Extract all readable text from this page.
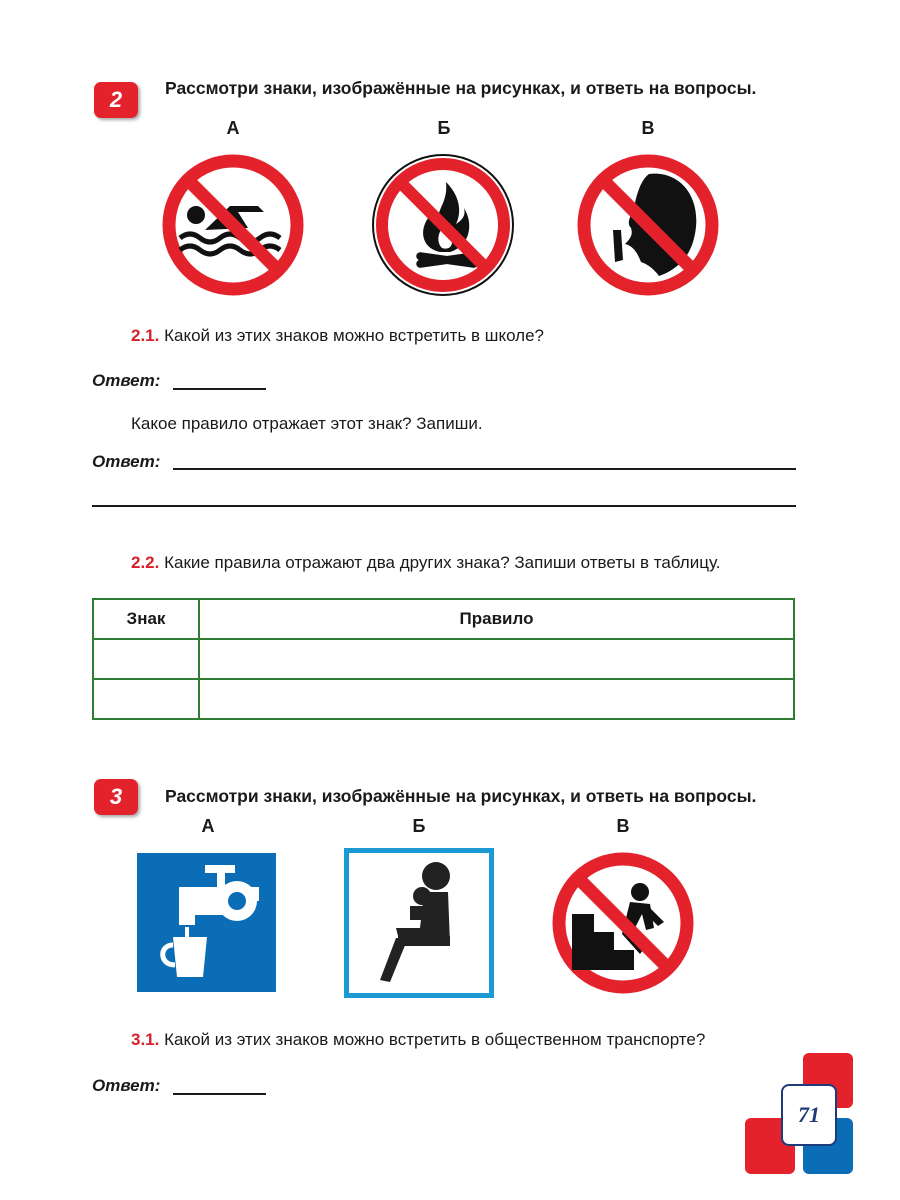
2	Рассмотри знаки, изображённые на рисунках, и ответь на вопросы.
А	Б	В
2.1. Какой из этих знаков можно встретить в школе?
Ответ:
Какое правило отражает этот знак? Запиши.
Ответ:
2.2. Какие правила отражают два других знака? Запиши ответы в таблицу.
Знак	Правило

3	Рассмотри знаки, изображённые на рисунках, и ответь на вопросы.
А	Б	В
3.1. Какой из этих знаков можно встретить в общественном транспорте?
Ответ:
71
